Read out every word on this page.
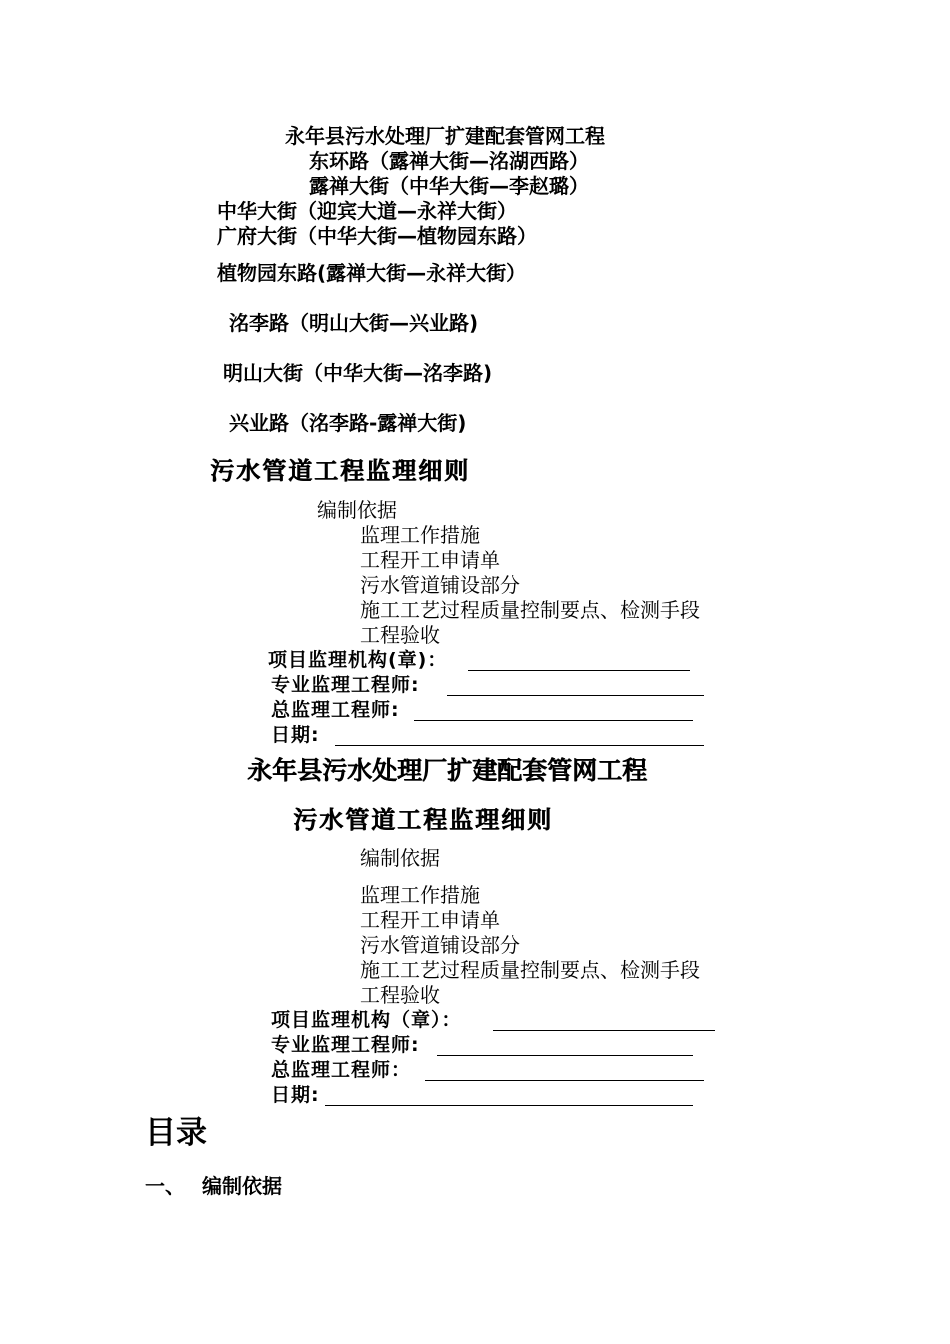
永年县污水处理厂扩建配套管网工程
东环路（露禅大街—洺湖西路）
露禅大街（中华大街—李赵璐）
中华大街（迎宾大道—永祥大街）
广府大街（中华大街—植物园东路）
植物园东路(露禅大街—永祥大街）
洺李路（明山大街—兴业路)
明山大街（中华大街—洺李路)
兴业路（洺李路-露禅大街)
污水管道工程监理细则
编制依据
监理工作措施
工程开工申请单
污水管道铺设部分
施工工艺过程质量控制要点、检测手段
工程验收
项目监理机构(章)：
专业监理工程师:
总监理工程师:
日期:
永年县污水处理厂扩建配套管网工程
污水管道工程监理细则
编制依据
监理工作措施
工程开工申请单
污水管道铺设部分
施工工艺过程质量控制要点、检测手段
工程验收
项目监理机构（章）：
专业监理工程师:
总监理工程师：
日期:
目录
一、 编制依据
